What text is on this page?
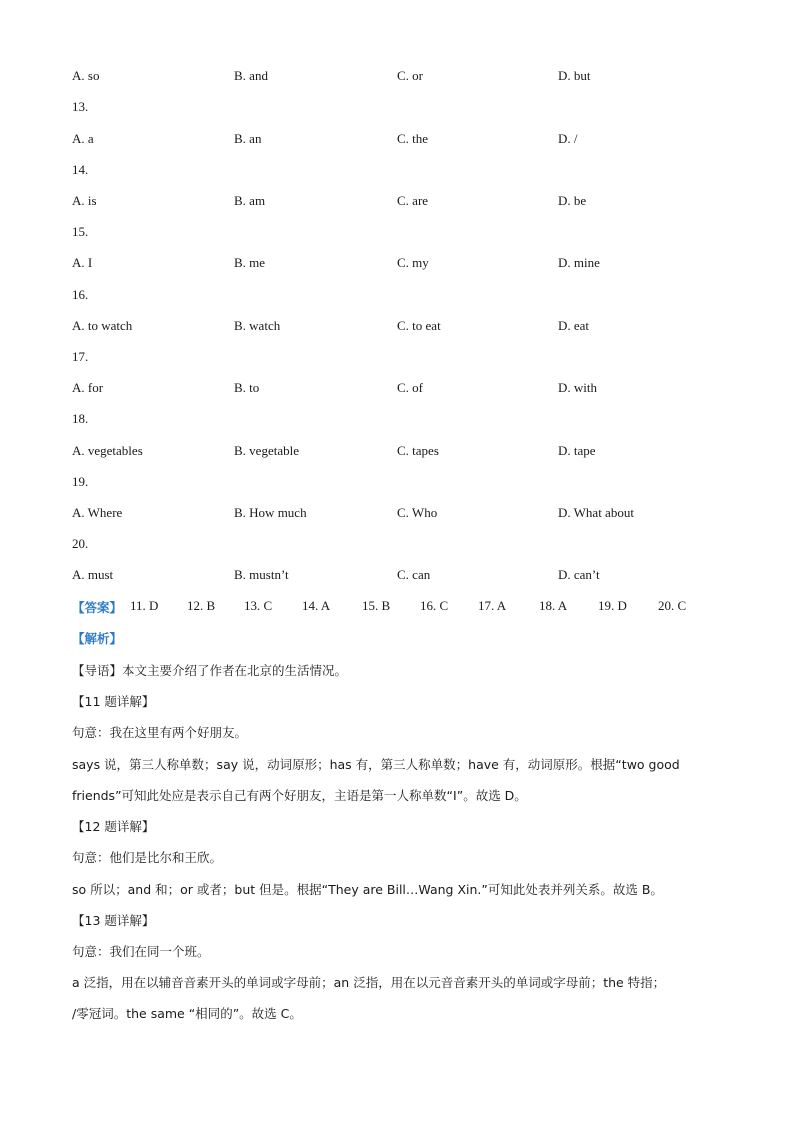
A. so	B. and	C. or	D. but
13.
A. a	B. an	C. the	D. /
14.
A. is	B. am	C. are	D. be
15.
A. I	B. me	C. my	D. mine
16.
A. to watch	B. watch	C. to eat	D. eat
17.
A. for	B. to	C. of	D. with
18.
A. vegetables	B. vegetable	C. tapes	D. tape
19.
A. Where	B. How much	C. Who	D. What about
20.
A. must	B. mustn’t	C. can	D. can’t
【答案】 11. D 12. B 13. C 14. A 15. B 16. C 17. A	18. A 19. D 20. C
【解析】
【导语】本文主要介绍了作者在北京的生活情况。
【11 题详解】
句意：我在这里有两个好朋友。
says 说，第三人称单数；say 说，动词原形；has 有，第三人称单数；have 有，动词原形。根据“two good
friends”可知此处应是表示自己有两个好朋友，主语是第一人称单数“I”。故选 D。
【12 题详解】
句意：他们是比尔和王欣。
so 所以；and 和；or 或者；but 但是。根据“They are Bill…Wang Xin.”可知此处表并列关系。故选 B。
【13 题详解】
句意：我们在同一个班。
a 泛指，用在以辅音音素开头的单词或字母前；an 泛指，用在以元音音素开头的单词或字母前；the 特指；
/零冠词。the same “相同的”。故选 C。
